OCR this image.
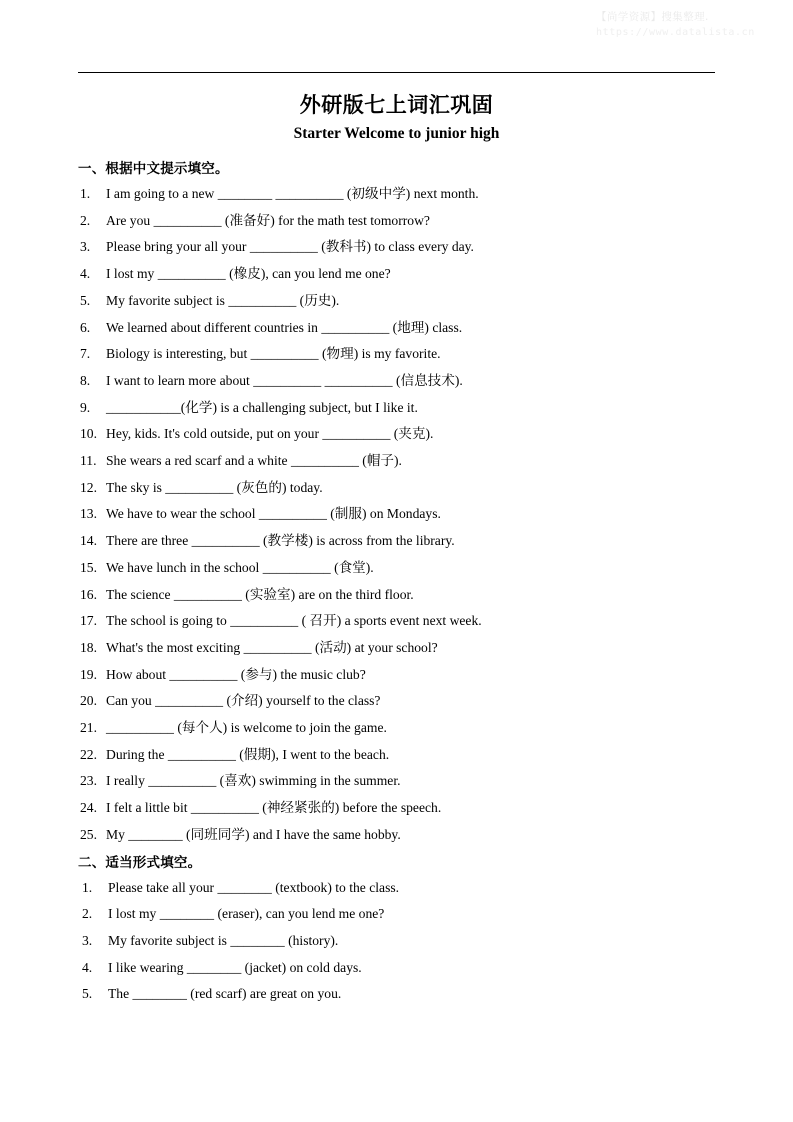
【尚学资源】搜集整理.
https://www.datalista.cn
外研版七上词汇巩固
Starter Welcome to junior high
一、根据中文提示填空。
1.	I am going to a new ________ __________ (初级中学) next month.
2.	Are you __________ (准备好) for the math test tomorrow?
3.	Please bring your all your __________ (教科书) to class every day.
4.	I lost my __________ (橡皮), can you lend me one?
5.	My favorite subject is __________ (历史).
6.	We learned about different countries in __________ (地理) class.
7.	Biology is interesting, but __________ (物理) is my favorite.
8.	I want to learn more about __________ __________ (信息技术).
9.	___________(化学) is a challenging subject, but I like it.
10. Hey, kids. It's cold outside, put on your __________ (夹克).
11. She wears a red scarf and a white __________ (帽子).
12. The sky is __________ (灰色的) today.
13. We have to wear the school __________ (制服) on Mondays.
14. There are three __________ (教学楼) is across from the library.
15. We have lunch in the school __________ (食堂).
16. The science __________ (实验室) are on the third floor.
17. The school is going to __________ ( 召开) a sports event next week.
18. What's the most exciting __________ (活动) at your school?
19. How about __________ (参与) the music club?
20. Can you __________ (介绍) yourself to the class?
21. __________ (每个人) is welcome to join the game.
22. During the __________ (假期), I went to the beach.
23. I really __________ (喜欢) swimming in the summer.
24. I felt a little bit __________ (神经紧张的) before the speech.
25. My ________ (同班同学) and I have the same hobby.
二、适当形式填空。
1.	Please take all your ________ (textbook) to the class.
2.	I lost my ________ (eraser), can you lend me one?
3.	My favorite subject is ________ (history).
4.	I like wearing ________ (jacket) on cold days.
5.	The ________ (red scarf) are great on you.
